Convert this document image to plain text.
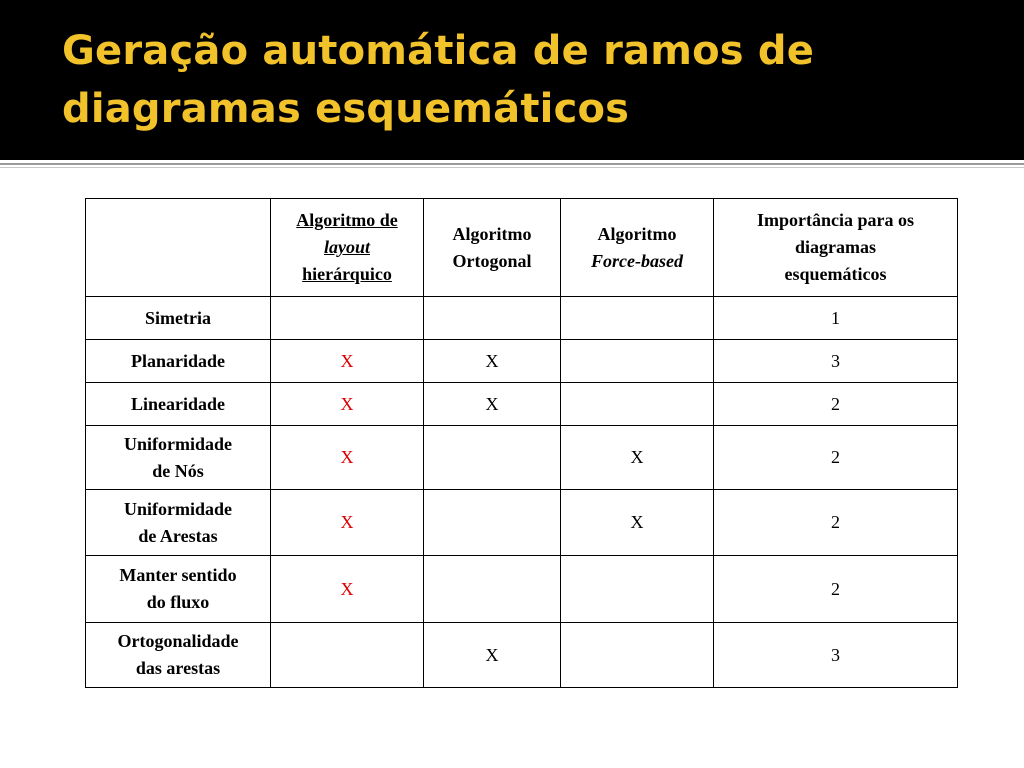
Geração automática de ramos de diagramas esquemáticos
	Algoritmo de
layout
hierárquico	Algoritmo
Ortogonal	Algoritmo
Force-based	Importância para os
diagramas
esquemáticos
Simetria				1
Planaridade	X	X		3
Linearidade	X	X		2
Uniformidade
de Nós	X		X	2
Uniformidade
de Arestas	X		X	2
Manter sentido
do fluxo	X			2
Ortogonalidade
das arestas		X		3
